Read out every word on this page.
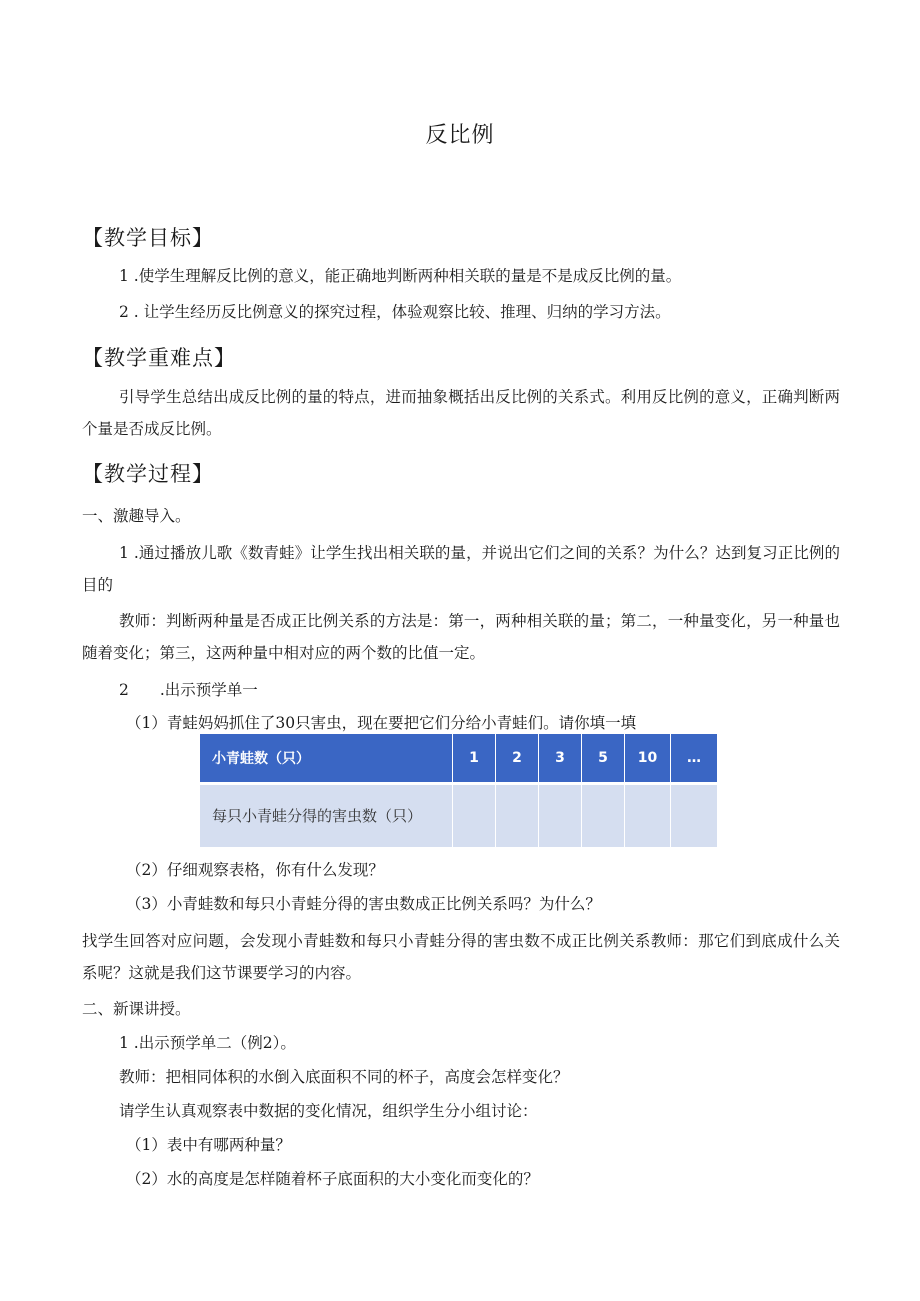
反比例
【教学目标】
1 .使学生理解反比例的意义，能正确地判断两种相关联的量是不是成反比例的量。
2 . 让学生经历反比例意义的探究过程，体验观察比较、推理、归纳的学习方法。
【教学重难点】

引导学生总结出成反比例的量的特点，进而抽象概括出反比例的关系式。利用反比例的意义，正确判断两个量是否成反比例。

【教学过程】
一、激趣导入。

1 .通过播放儿歌《数青蛙》让学生找出相关联的量，并说出它们之间的关系？为什么？达到复习正比例的目的

教师：判断两种量是否成正比例关系的方法是：第一，两种相关联的量；第二，一种量变化，另一种量也随着变化；第三，这两种量中相对应的两个数的比值一定。

2　　.出示预学单一
（1）青蛙妈妈抓住了30只害虫，现在要把它们分给小青蛙们。请你填一填
小青蛙数（只）	1	2	3	5	10	…
每只小青蛙分得的害虫数（只）						
（2）仔细观察表格，你有什么发现？
（3）小青蛙数和每只小青蛙分得的害虫数成正比例关系吗？为什么？

找学生回答对应问题，会发现小青蛙数和每只小青蛙分得的害虫数不成正比例关系教师：那它们到底成什么关系呢？这就是我们这节课要学习的内容。

二、新课讲授。
1 .出示预学单二（例2）。
教师：把相同体积的水倒入底面积不同的杯子，高度会怎样变化？
请学生认真观察表中数据的变化情况，组织学生分小组讨论：
（1）表中有哪两种量？
（2）水的高度是怎样随着杯子底面积的大小变化而变化的？
